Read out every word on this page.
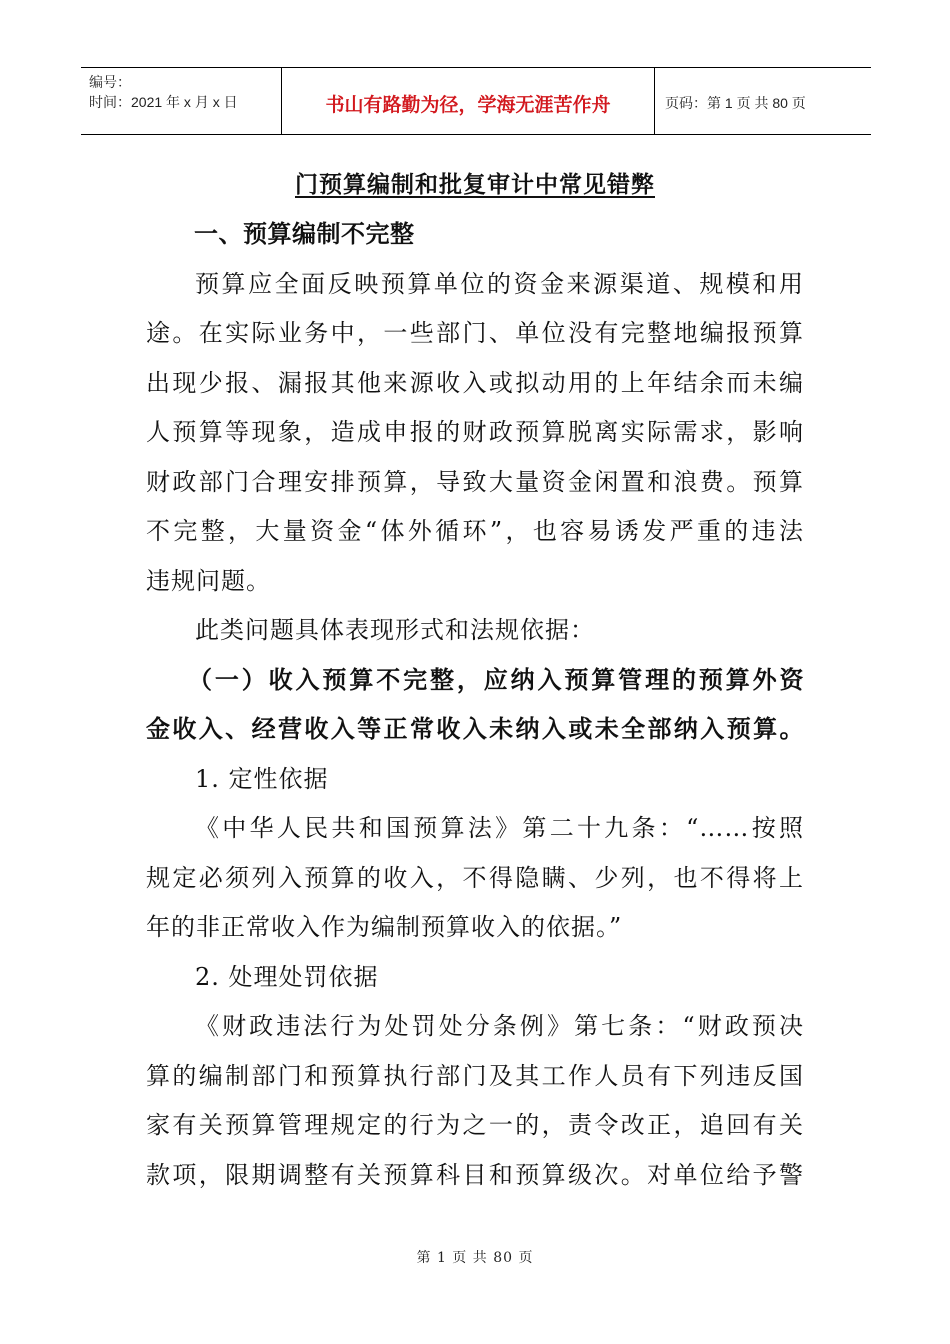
编号：
时间：2021 年 x 月 x 日	书山有路勤为径，学海无涯苦作舟	页码：第 1 页 共 80 页
门预算编制和批复审计中常见错弊
一、预算编制不完整
预算应全面反映预算单位的资金来源渠道、规模和用
途。在实际业务中，一些部门、单位没有完整地编报预算
出现少报、漏报其他来源收入或拟动用的上年结余而未编
人预算等现象，造成申报的财政预算脱离实际需求，影响
财政部门合理安排预算，导致大量资金闲置和浪费。预算
不完整，大量资金“体外循环”，也容易诱发严重的违法
违规问题。
此类问题具体表现形式和法规依据：
（一）收入预算不完整，应纳入预算管理的预算外资
金收入、经营收入等正常收入未纳入或未全部纳入预算。
1. 定性依据
《中华人民共和国预算法》第二十九条：“……按照
规定必须列入预算的收入，不得隐瞒、少列，也不得将上
年的非正常收入作为编制预算收入的依据。”
2. 处理处罚依据
《财政违法行为处罚处分条例》第七条：“财政预决
算的编制部门和预算执行部门及其工作人员有下列违反国
家有关预算管理规定的行为之一的，责令改正，追回有关
款项，限期调整有关预算科目和预算级次。对单位给予警
第 1 页 共 80 页
